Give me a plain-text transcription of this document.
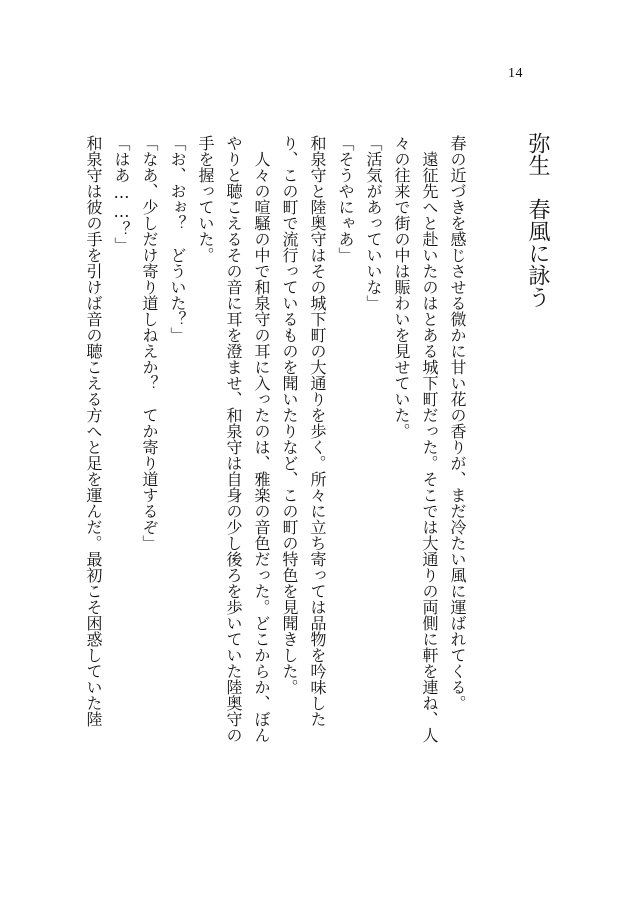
14
弥生　春風に詠う

春の近づきを感じさせる微かに甘い花の香りが、まだ冷たい風に運ばれてくる。

　遠征先へと赴いたのはとある城下町だった。そこでは大通りの両側に軒を連ね、人

々の往来で街の中は賑わいを見せていた。

「活気があっていいな」

「そうやにゃあ」

和泉守と陸奥守はその城下町の大通りを歩く。所々に立ち寄っては品物を吟味した

り、この町で流行っているものを聞いたりなど、この町の特色を見聞きした。

　人々の喧騒の中で和泉守の耳に入ったのは、雅楽の音色だった。どこからか、ぼん

やりと聴こえるその音に耳を澄ませ、和泉守は自身の少し後ろを歩いていた陸奥守の

手を握っていた。

「お、おぉ？　どういた？」

「なあ、少しだけ寄り道しねえか？　てか寄り道するぞ」

「はあ……？」

和泉守は彼の手を引けば音の聴こえる方へと足を運んだ。最初こそ困惑していた陸
